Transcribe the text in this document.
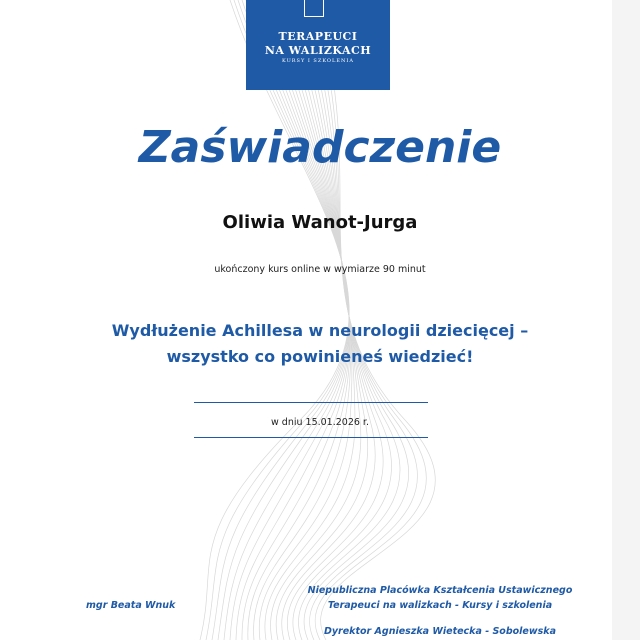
TERAPEUCI
NA WALIZKACH
KURSY I SZKOLENIA
Zaświadczenie
Oliwia Wanot-Jurga
ukończony kurs online w wymiarze 90 minut
Wydłużenie Achillesa w neurologii dziecięcej –
wszystko co powinieneś wiedzieć!
w dniu 15.01.2026 r.
mgr Beata Wnuk
Niepubliczna Placówka Kształcenia Ustawicznego
Terapeuci na walizkach - Kursy i szkolenia
Dyrektor Agnieszka Wietecka - Sobolewska
